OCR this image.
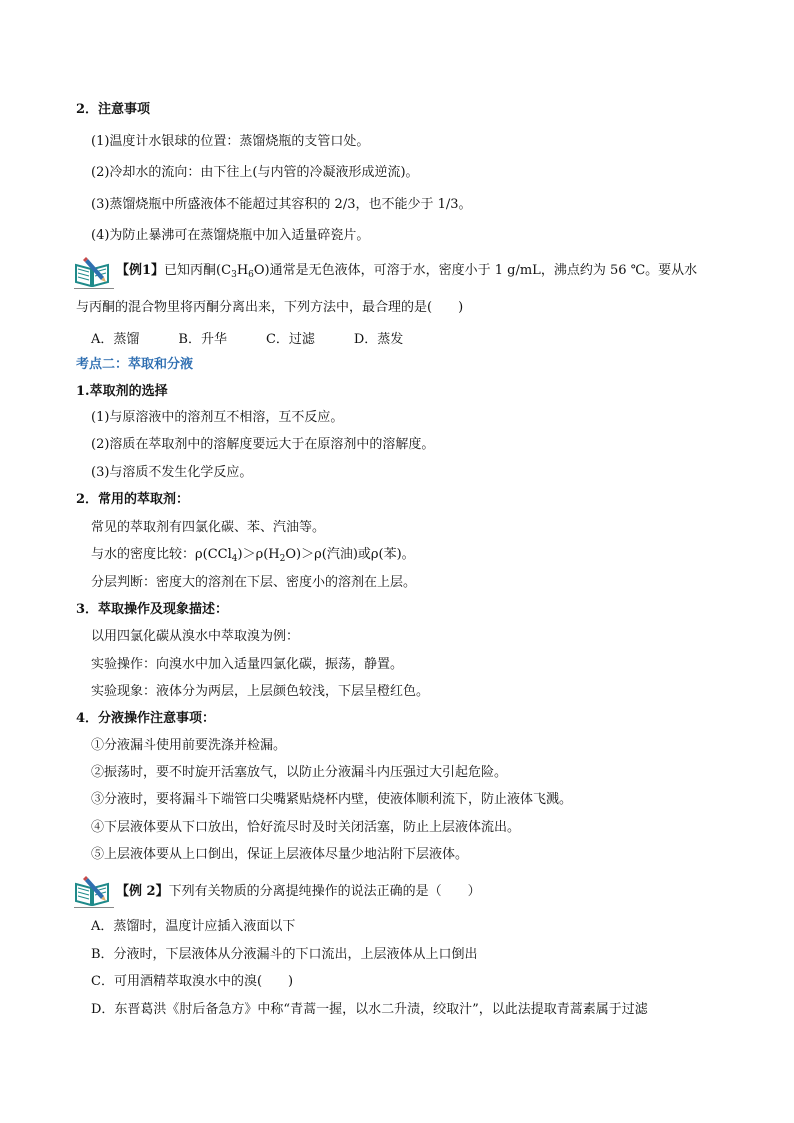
2．注意事项
(1)温度计水银球的位置：蒸馏烧瓶的支管口处。
(2)冷却水的流向：由下往上(与内管的冷凝液形成逆流)。
(3)蒸馏烧瓶中所盛液体不能超过其容积的 2/3，也不能少于 1/3。
(4)为防止暴沸可在蒸馏烧瓶中加入适量碎瓷片。
【例1】已知丙酮$(C_3H_6O)$通常是无色液体，可溶于水，密度小于 1 g/mL，沸点约为 56 ℃。要从水
与丙酮的混合物里将丙酮分离出来，下列方法中，最合理的是(　　)
A．蒸馏　　　B．升华　　　C．过滤　　　D．蒸发
考点二：萃取和分液
1.萃取剂的选择
(1)与原溶液中的溶剂互不相溶，互不反应。
(2)溶质在萃取剂中的溶解度要远大于在原溶剂中的溶解度。
(3)与溶质不发生化学反应。
2．常用的萃取剂：
常见的萃取剂有四氯化碳、苯、汽油等。
与水的密度比较：$\rho(CCl_4)>\rho(H_2O)>\rho$(汽油)或ρ(苯)。
分层判断：密度大的溶剂在下层、密度小的溶剂在上层。
3．萃取操作及现象描述：
以用四氯化碳从溴水中萃取溴为例：
实验操作：向溴水中加入适量四氯化碳，振荡，静置。
实验现象：液体分为两层，上层颜色较浅，下层呈橙红色。
4．分液操作注意事项：
①分液漏斗使用前要洗涤并检漏。
②振荡时，要不时旋开活塞放气，以防止分液漏斗内压强过大引起危险。
③分液时，要将漏斗下端管口尖嘴紧贴烧杯内壁，使液体顺利流下，防止液体飞溅。
④下层液体要从下口放出，恰好流尽时及时关闭活塞，防止上层液体流出。
⑤上层液体要从上口倒出，保证上层液体尽量少地沾附下层液体。
【例 2】下列有关物质的分离提纯操作的说法正确的是（　　）
A．蒸馏时，温度计应插入液面以下
B．分液时，下层液体从分液漏斗的下口流出，上层液体从上口倒出
C．可用酒精萃取溴水中的溴(　　)
D．东晋葛洪《肘后备急方》中称“青蒿一握，以水二升渍，绞取汁”，以此法提取青蒿素属于过滤
